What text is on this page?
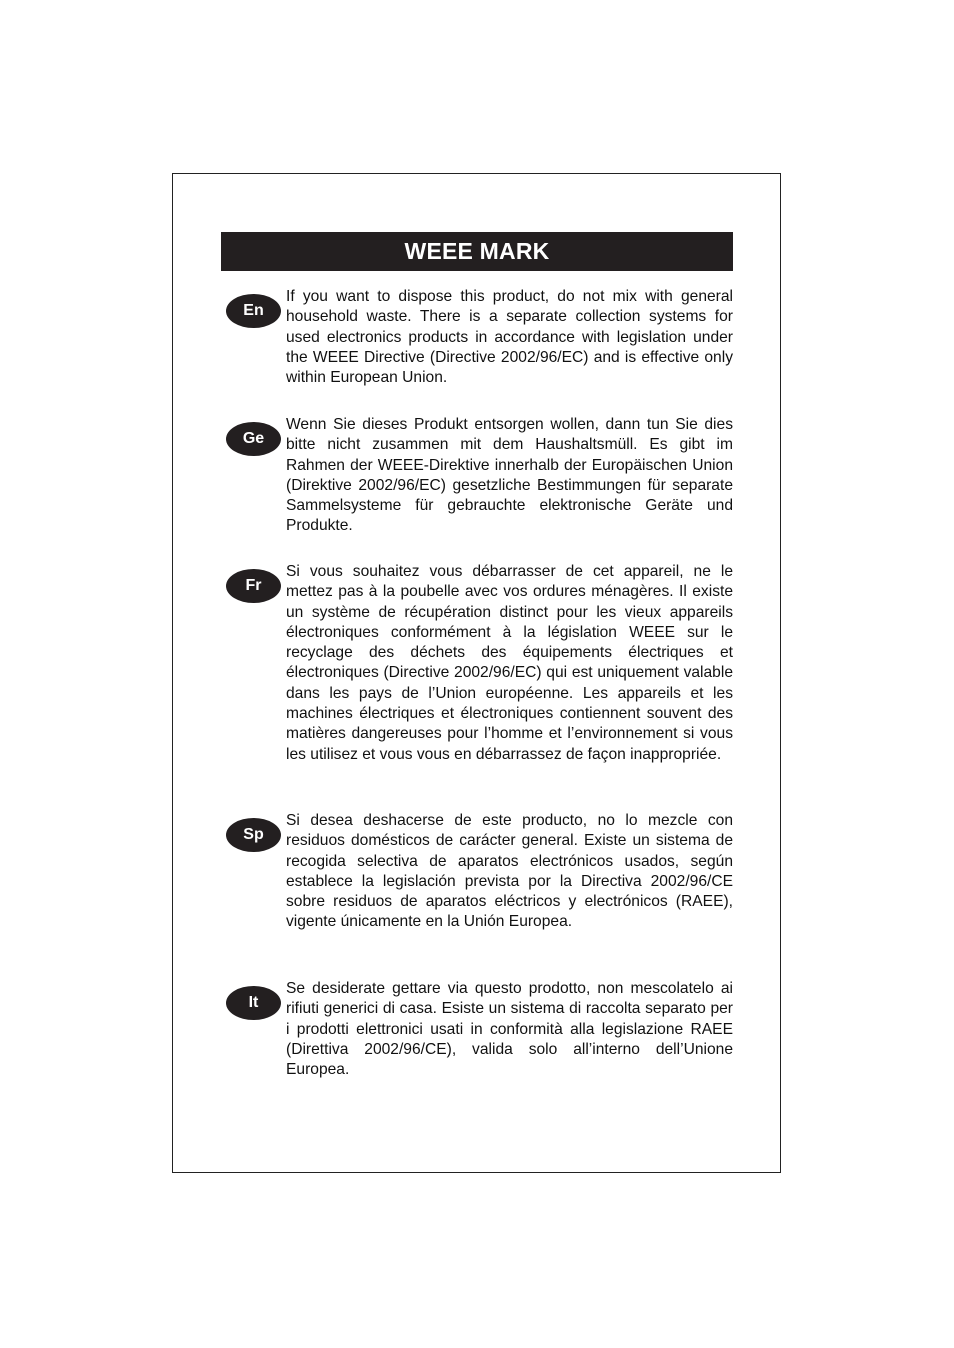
WEEE MARK
En

If you want to dispose this product, do not mix with general household waste. There is a separate collection systems for used electronics products in accordance with legislation under the WEEE Directive (Directive 2002/96/EC) and is effective only within European Union.

Ge

Wenn Sie dieses Produkt entsorgen wollen, dann tun Sie dies bitte nicht zusammen mit dem Haushaltsmüll. Es gibt im Rahmen der WEEE-Direktive innerhalb der Europäischen Union (Direktive 2002/96/EC) gesetzliche Bestimmungen für separate Sammelsysteme für gebrauchte elektronische Geräte und Produkte.

Fr

Si vous souhaitez vous débarrasser de cet appareil, ne le mettez pas à la poubelle avec vos ordures ménagères. Il existe un système de récupération distinct pour les vieux appareils électroniques conformément à la législation WEEE sur le recyclage des déchets des équipements électriques et électroniques (Directive 2002/96/EC) qui est uniquement valable dans les pays de l’Union européenne. Les appareils et les machines électriques et électroniques contiennent souvent des matières dangereuses pour l’homme et l’environnement si vous les utilisez et vous vous en débarrassez de façon inappropriée.

Sp

Si desea deshacerse de este producto, no lo mezcle con residuos domésticos de carácter general. Existe un sistema de recogida selectiva de aparatos electrónicos usados, según establece la legislación prevista por la Directiva 2002/96/CE sobre residuos de aparatos eléctricos y electrónicos (RAEE), vigente únicamente en la Unión Europea.

It

Se desiderate gettare via questo prodotto, non mescolatelo ai rifiuti generici di casa. Esiste un sistema di raccolta separato per i prodotti elettronici usati in conformità alla legislazione RAEE (Direttiva 2002/96/CE), valida solo all’interno dell’Unione Europea.
